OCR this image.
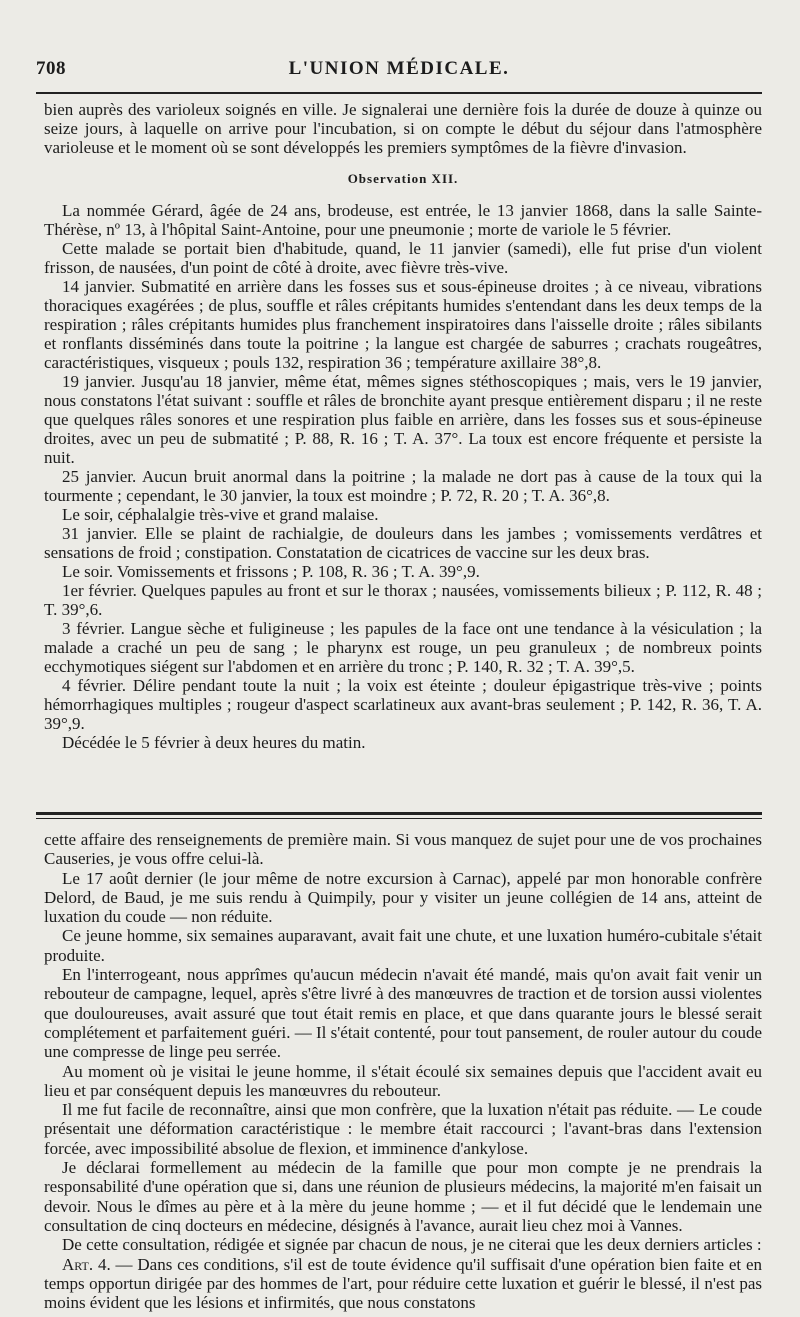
708	L'UNION MÉDICALE.

bien auprès des varioleux soignés en ville. Je signalerai une dernière fois la durée de douze à quinze ou seize jours, à laquelle on arrive pour l'incubation, si on compte le début du séjour dans l'atmosphère varioleuse et le moment où se sont développés les premiers symptômes de la fièvre d'invasion.

Observation XII.

La nommée Gérard, âgée de 24 ans, brodeuse, est entrée, le 13 janvier 1868, dans la salle Sainte-Thérèse, nº 13, à l'hôpital Saint-Antoine, pour une pneumonie ; morte de variole le 5 février.

Cette malade se portait bien d'habitude, quand, le 11 janvier (samedi), elle fut prise d'un violent frisson, de nausées, d'un point de côté à droite, avec fièvre très-vive.

14 janvier. Submatité en arrière dans les fosses sus et sous-épineuse droites ; à ce niveau, vibrations thoraciques exagérées ; de plus, souffle et râles crépitants humides s'entendant dans les deux temps de la respiration ; râles crépitants humides plus franchement inspiratoires dans l'aisselle droite ; râles sibilants et ronflants disséminés dans toute la poitrine ; la langue est chargée de saburres ; crachats rougeâtres, caractéristiques, visqueux ; pouls 132, respiration 36 ; température axillaire 38°,8.

19 janvier. Jusqu'au 18 janvier, même état, mêmes signes stéthoscopiques ; mais, vers le 19 janvier, nous constatons l'état suivant : souffle et râles de bronchite ayant presque entièrement disparu ; il ne reste que quelques râles sonores et une respiration plus faible en arrière, dans les fosses sus et sous-épineuse droites, avec un peu de submatité ; P. 88, R. 16 ; T. A. 37°. La toux est encore fréquente et persiste la nuit.

25 janvier. Aucun bruit anormal dans la poitrine ; la malade ne dort pas à cause de la toux qui la tourmente ; cependant, le 30 janvier, la toux est moindre ; P. 72, R. 20 ; T. A. 36°,8.

Le soir, céphalalgie très-vive et grand malaise.

31 janvier. Elle se plaint de rachialgie, de douleurs dans les jambes ; vomissements verdâtres et sensations de froid ; constipation. Constatation de cicatrices de vaccine sur les deux bras.

Le soir. Vomissements et frissons ; P. 108, R. 36 ; T. A. 39°,9.

1er février. Quelques papules au front et sur le thorax ; nausées, vomissements bilieux ; P. 112, R. 48 ; T. 39°,6.

3 février. Langue sèche et fuligineuse ; les papules de la face ont une tendance à la vésiculation ; la malade a craché un peu de sang ; le pharynx est rouge, un peu granuleux ; de nombreux points ecchymotiques siégent sur l'abdomen et en arrière du tronc ; P. 140, R. 32 ; T. A. 39°,5.

4 février. Délire pendant toute la nuit ; la voix est éteinte ; douleur épigastrique très-vive ; points hémorrhagiques multiples ; rougeur d'aspect scarlatineux aux avant-bras seulement ; P. 142, R. 36, T. A. 39°,9.

Décédée le 5 février à deux heures du matin.

cette affaire des renseignements de première main. Si vous manquez de sujet pour une de vos prochaines Causeries, je vous offre celui-là.

Le 17 août dernier (le jour même de notre excursion à Carnac), appelé par mon honorable confrère Delord, de Baud, je me suis rendu à Quimpily, pour y visiter un jeune collégien de 14 ans, atteint de luxation du coude — non réduite.

Ce jeune homme, six semaines auparavant, avait fait une chute, et une luxation huméro-cubitale s'était produite.

En l'interrogeant, nous apprîmes qu'aucun médecin n'avait été mandé, mais qu'on avait fait venir un rebouteur de campagne, lequel, après s'être livré à des manœuvres de traction et de torsion aussi violentes que douloureuses, avait assuré que tout était remis en place, et que dans quarante jours le blessé serait complétement et parfaitement guéri. — Il s'était contenté, pour tout pansement, de rouler autour du coude une compresse de linge peu serrée.

Au moment où je visitai le jeune homme, il s'était écoulé six semaines depuis que l'accident avait eu lieu et par conséquent depuis les manœuvres du rebouteur.

Il me fut facile de reconnaître, ainsi que mon confrère, que la luxation n'était pas réduite. — Le coude présentait une déformation caractéristique : le membre était raccourci ; l'avant-bras dans l'extension forcée, avec impossibilité absolue de flexion, et imminence d'ankylose.

Je déclarai formellement au médecin de la famille que pour mon compte je ne prendrais la responsabilité d'une opération que si, dans une réunion de plusieurs médecins, la majorité m'en faisait un devoir. Nous le dîmes au père et à la mère du jeune homme ; — et il fut décidé que le lendemain une consultation de cinq docteurs en médecine, désignés à l'avance, aurait lieu chez moi à Vannes.

De cette consultation, rédigée et signée par chacun de nous, je ne citerai que les deux derniers articles :

Art. 4. — Dans ces conditions, s'il est de toute évidence qu'il suffisait d'une opération bien faite et en temps opportun dirigée par des hommes de l'art, pour réduire cette luxation et guérir le blessé, il n'est pas moins évident que les lésions et infirmités, que nous constatons
